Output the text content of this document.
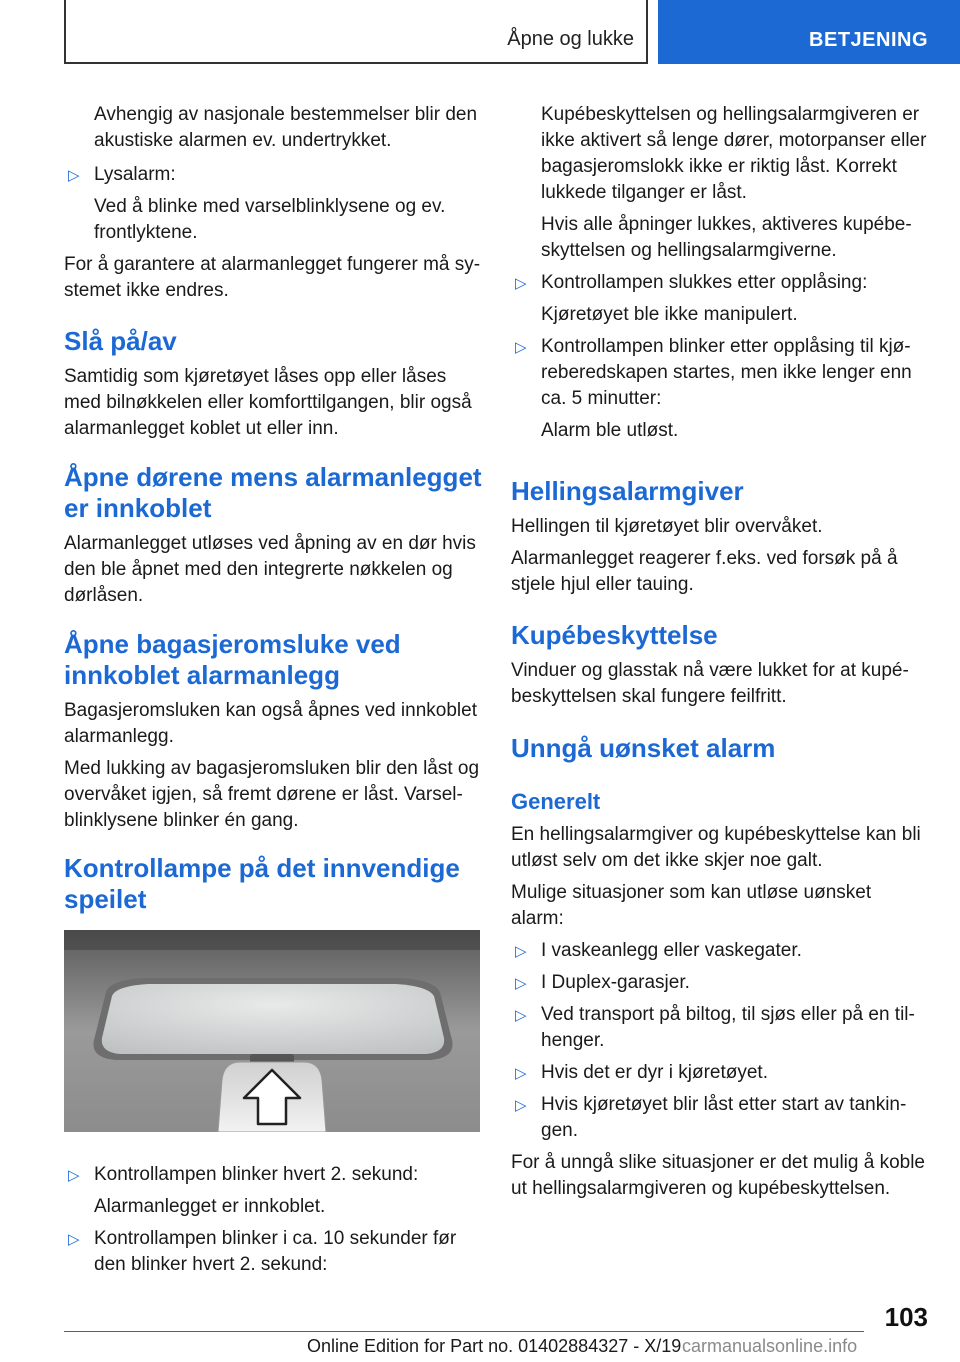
Åpne og lukke	BETJENING

Avhengig av nasjonale bestemmelser blir den akustiske alarmen ev. undertrykket.

▷ Lysalarm:

Ved å blinke med varselblinklysene og ev. frontlyktene.

For å garantere at alarmanlegget fungerer må sy-stemet ikke endres.

Slå på/av

Samtidig som kjøretøyet låses opp eller låses med bilnøkkelen eller komforttilgangen, blir også alarmanlegget koblet ut eller inn.

Åpne dørene mens alarmanlegget er innkoblet

Alarmanlegget utløses ved åpning av en dør hvis den ble åpnet med den integrerte nøkkelen og dørlåsen.

Åpne bagasjeromsluke ved innkoblet alarmanlegg

Bagasjeromsluken kan også åpnes ved innkoblet alarmanlegg.

Med lukking av bagasjeromsluken blir den låst og overvåket igjen, så fremt dørene er låst. Varsel-blinklysene blinker én gang.

Kontrollampe på det innvendige speilet
▷ Kontrollampen blinker hvert 2. sekund:

Alarmanlegget er innkoblet.

▷ Kontrollampen blinker i ca. 10 sekunder før den blinker hvert 2. sekund:

Kupébeskyttelsen og hellingsalarmgiveren er ikke aktivert så lenge dører, motorpanser eller bagasjeromslokk ikke er riktig låst. Korrekt lukkede tilganger er låst.

Hvis alle åpninger lukkes, aktiveres kupébe-skyttelsen og hellingsalarmgiverne.

▷ Kontrollampen slukkes etter opplåsing:

Kjøretøyet ble ikke manipulert.

▷ Kontrollampen blinker etter opplåsing til kjø-reberedskapen startes, men ikke lenger enn ca. 5 minutter:

Alarm ble utløst.

Hellingsalarmgiver

Hellingen til kjøretøyet blir overvåket.

Alarmanlegget reagerer f.eks. ved forsøk på å stjele hjul eller tauing.

Kupébeskyttelse

Vinduer og glasstak nå være lukket for at kupé-beskyttelsen skal fungere feilfritt.

Unngå uønsket alarm
Generelt

En hellingsalarmgiver og kupébeskyttelse kan bli utløst selv om det ikke skjer noe galt.

Mulige situasjoner som kan utløse uønsket alarm:

▷ I vaskeanlegg eller vaskegater.
▷ I Duplex-garasjer.
▷ Ved transport på biltog, til sjøs eller på en til-henger.
▷ Hvis det er dyr i kjøretøyet.
▷ Hvis kjøretøyet blir låst etter start av tankin-gen.

For å unngå slike situasjoner er det mulig å koble ut hellingsalarmgiveren og kupébeskyttelsen.

103
Online Edition for Part no. 01402884327 - X/19 carmanualsonline.info
